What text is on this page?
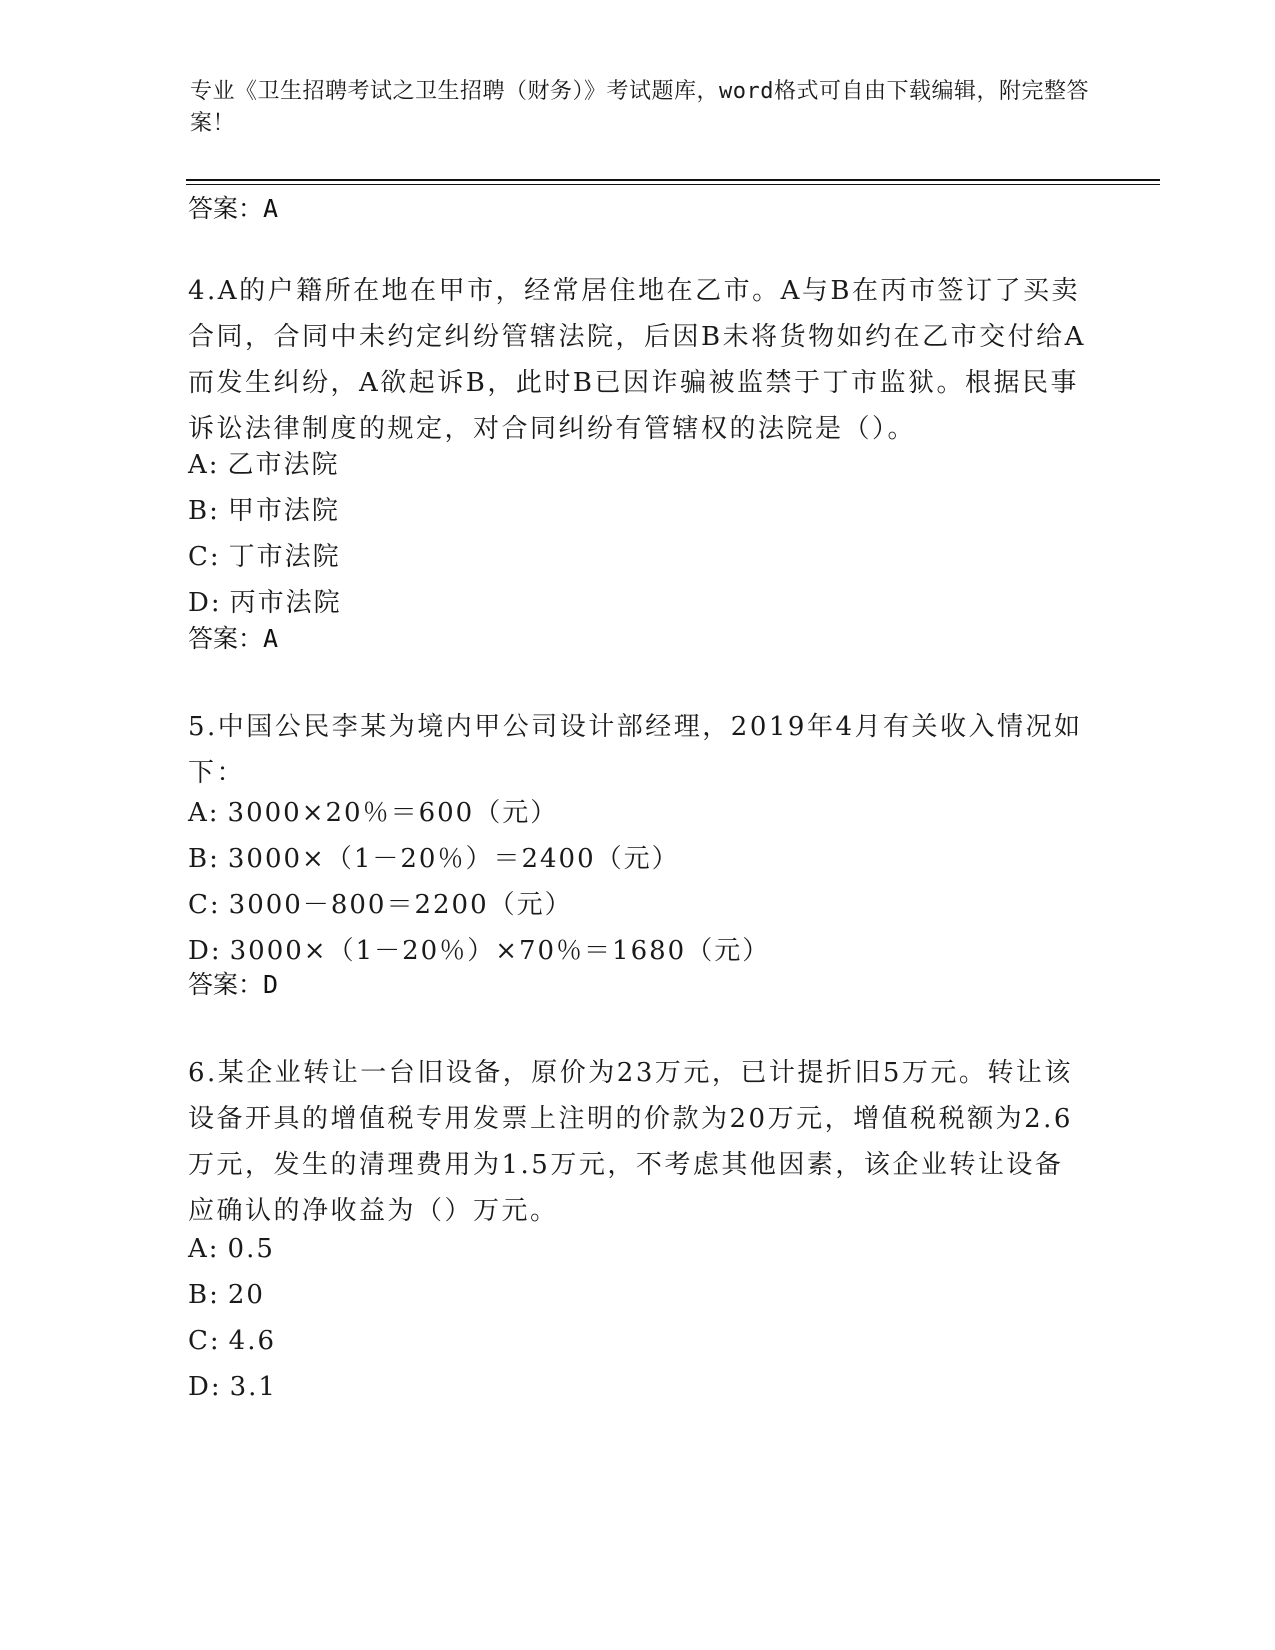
专业《卫生招聘考试之卫生招聘（财务）》考试题库，word格式可自由下载编辑，附完整答案！
答案：A
4.A的户籍所在地在甲市，经常居住地在乙市。A与B在丙市签订了买卖合同，合同中未约定纠纷管辖法院，后因B未将货物如约在乙市交付给A而发生纠纷，A欲起诉B，此时B已因诈骗被监禁于丁市监狱。根据民事诉讼法律制度的规定，对合同纠纷有管辖权的法院是（）。
A: 乙市法院
B: 甲市法院
C: 丁市法院
D: 丙市法院
答案：A
5.中国公民李某为境内甲公司设计部经理，2019年4月有关收入情况如下：
A: 3000×20％＝600（元）
B: 3000×（1－20％）＝2400（元）
C: 3000－800＝2200（元）
D: 3000×（1－20％）×70％＝1680（元）
答案：D
6.某企业转让一台旧设备，原价为23万元，已计提折旧5万元。转让该设备开具的增值税专用发票上注明的价款为20万元，增值税税额为2.6万元，发生的清理费用为1.5万元，不考虑其他因素，该企业转让设备应确认的净收益为（）万元。
A: 0.5
B: 20
C: 4.6
D: 3.1
